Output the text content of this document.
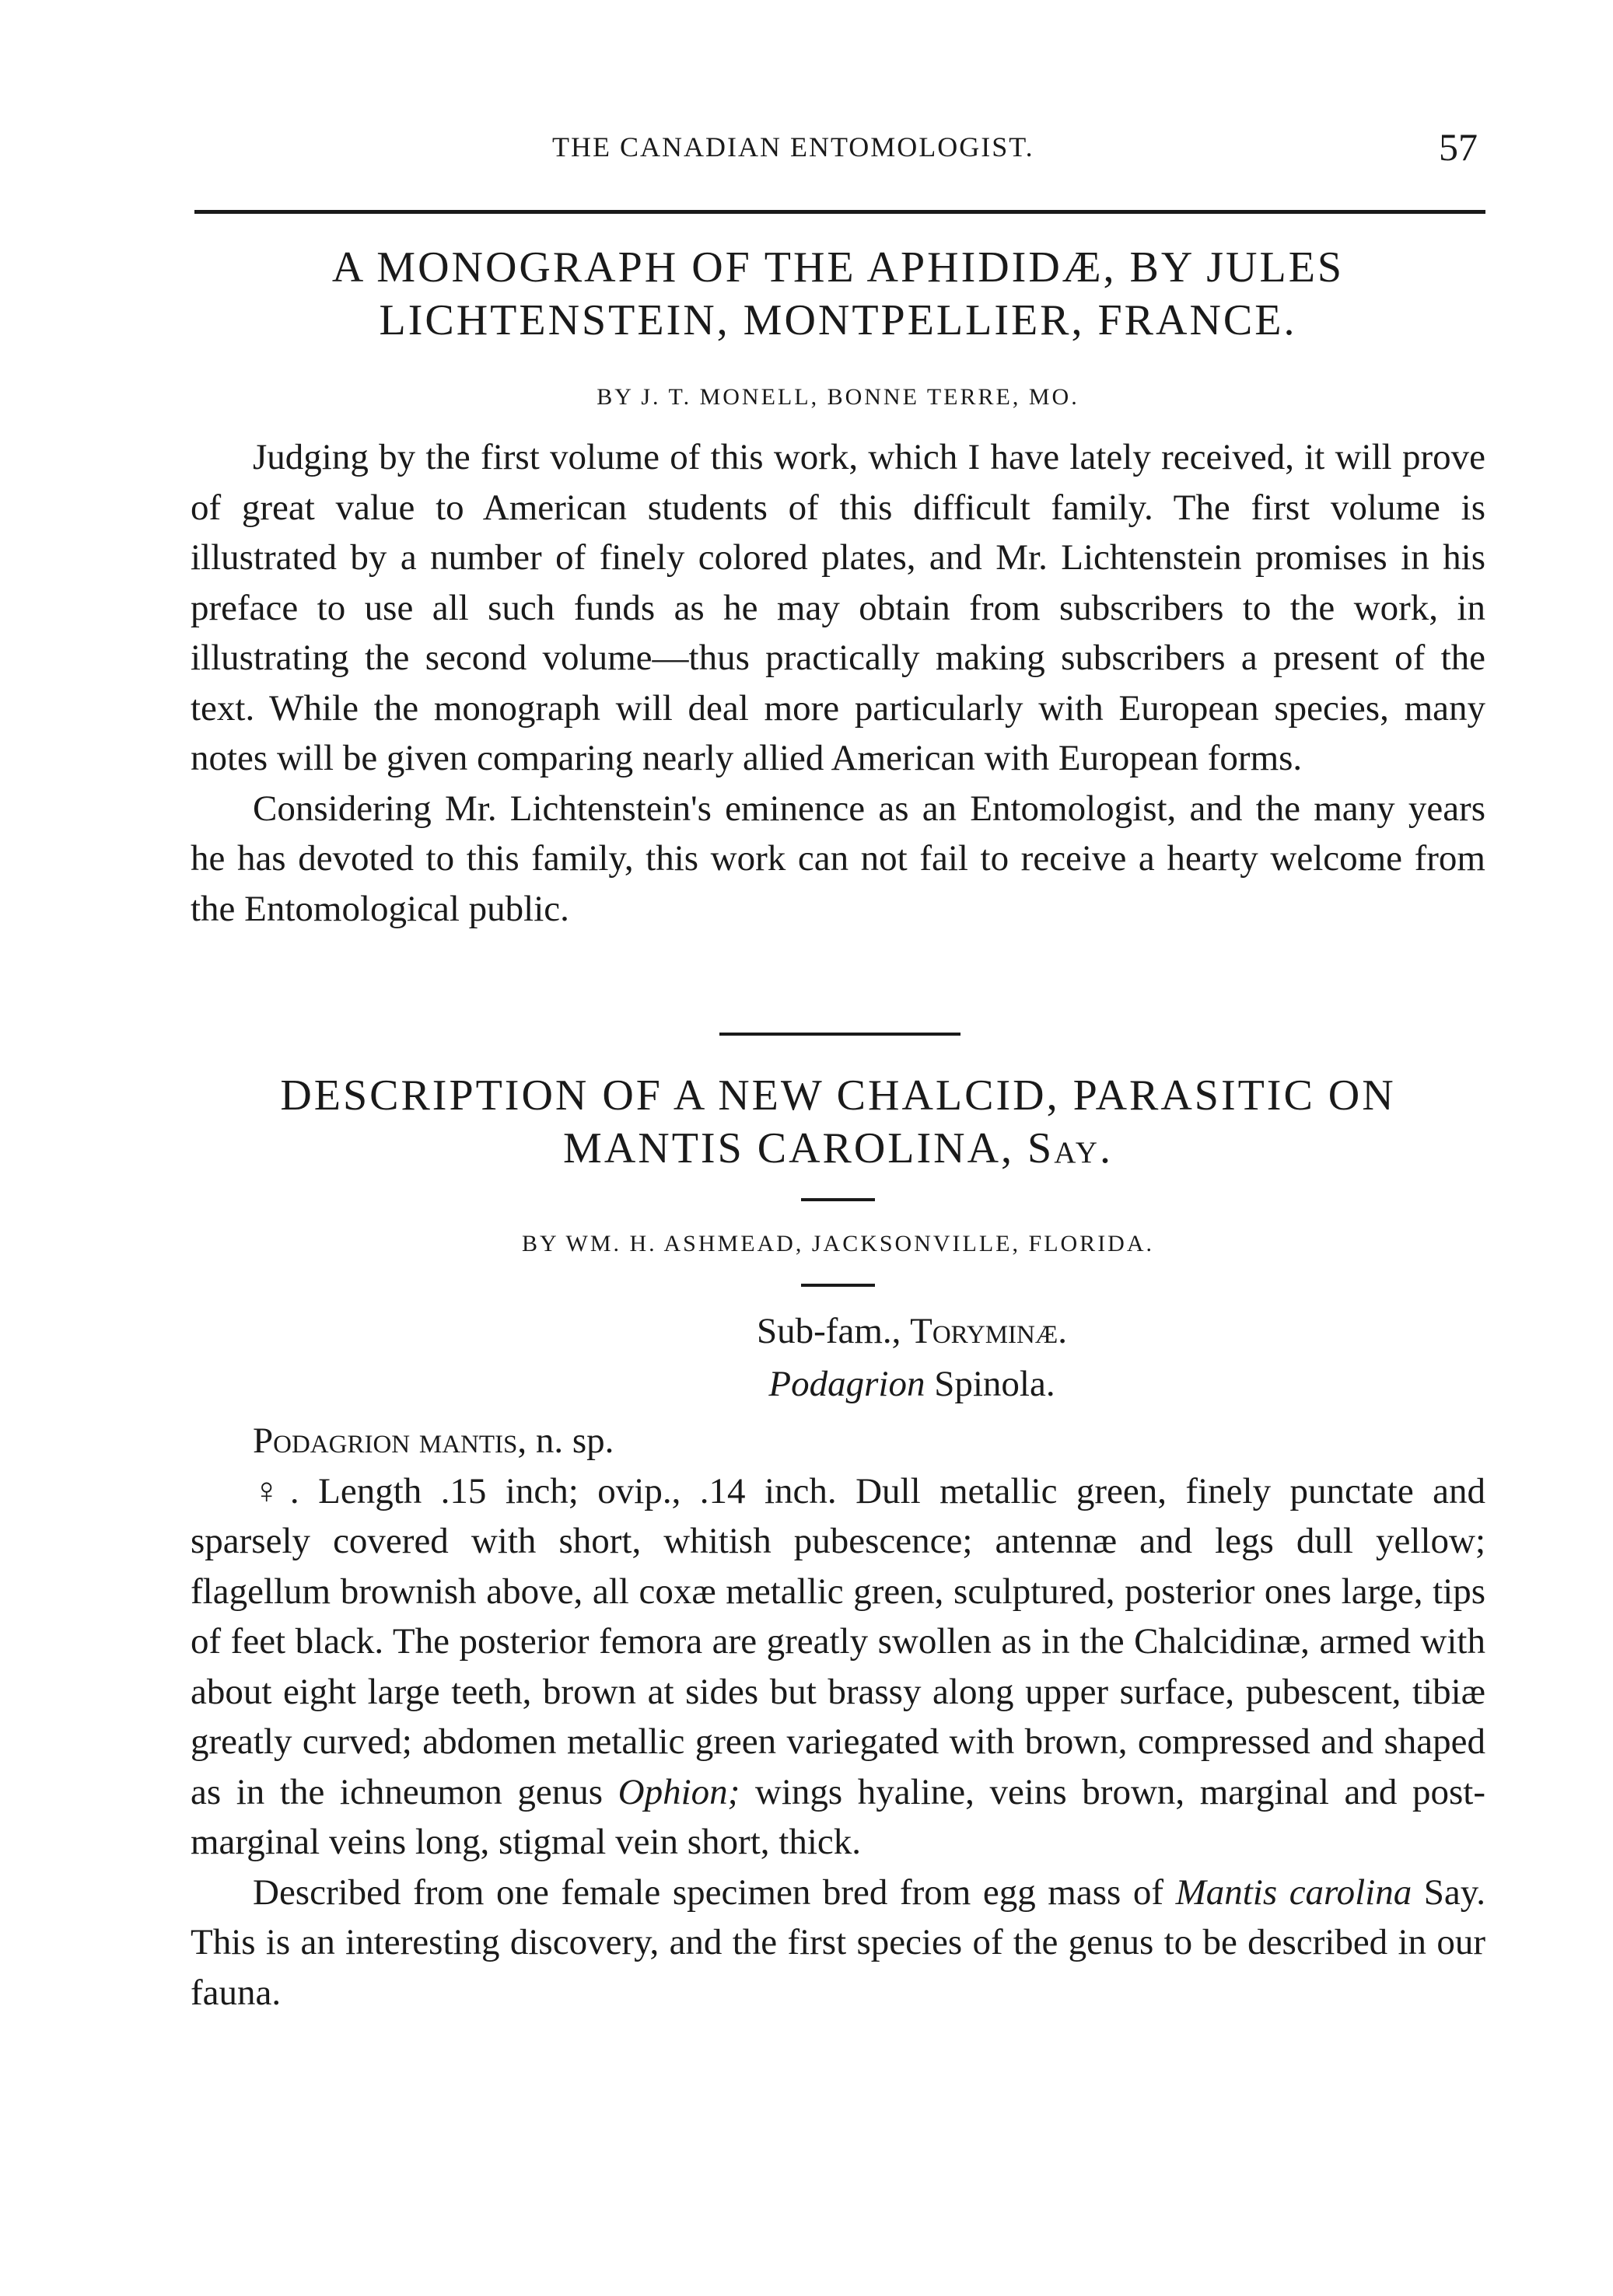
THE CANADIAN ENTOMOLOGIST.	57
A MONOGRAPH OF THE APHIDIDÆ, BY JULES LICHTENSTEIN, MONTPELLIER, FRANCE.

BY J. T. MONELL, BONNE TERRE, MO.

Judging by the first volume of this work, which I have lately received, it will prove of great value to American students of this difficult family. The first volume is illustrated by a number of finely colored plates, and Mr. Lichtenstein promises in his preface to use all such funds as he may obtain from subscribers to the work, in illustrating the second volume—thus practically making subscribers a present of the text. While the monograph will deal more particularly with European species, many notes will be given comparing nearly allied American with European forms.

Considering Mr. Lichtenstein's eminence as an Entomologist, and the many years he has devoted to this family, this work can not fail to receive a hearty welcome from the Entomological public.

DESCRIPTION OF A NEW CHALCID, PARASITIC ON
MANTIS CAROLINA, Say.

BY WM. H. ASHMEAD, JACKSONVILLE, FLORIDA.

Sub-fam., Toryminæ.

Podagrion Spinola.

Podagrion mantis, n. sp.

♀. Length .15 inch; ovip., .14 inch. Dull metallic green, finely punctate and sparsely covered with short, whitish pubescence; antennæ and legs dull yellow; flagellum brownish above, all coxæ metallic green, sculptured, posterior ones large, tips of feet black. The posterior femora are greatly swollen as in the Chalcidinæ, armed with about eight large teeth, brown at sides but brassy along upper surface, pubescent, tibiæ greatly curved; abdomen metallic green variegated with brown, compressed and shaped as in the ichneumon genus Ophion; wings hyaline, veins brown, marginal and post-marginal veins long, stigmal vein short, thick.

Described from one female specimen bred from egg mass of Mantis carolina Say. This is an interesting discovery, and the first species of the genus to be described in our fauna.
